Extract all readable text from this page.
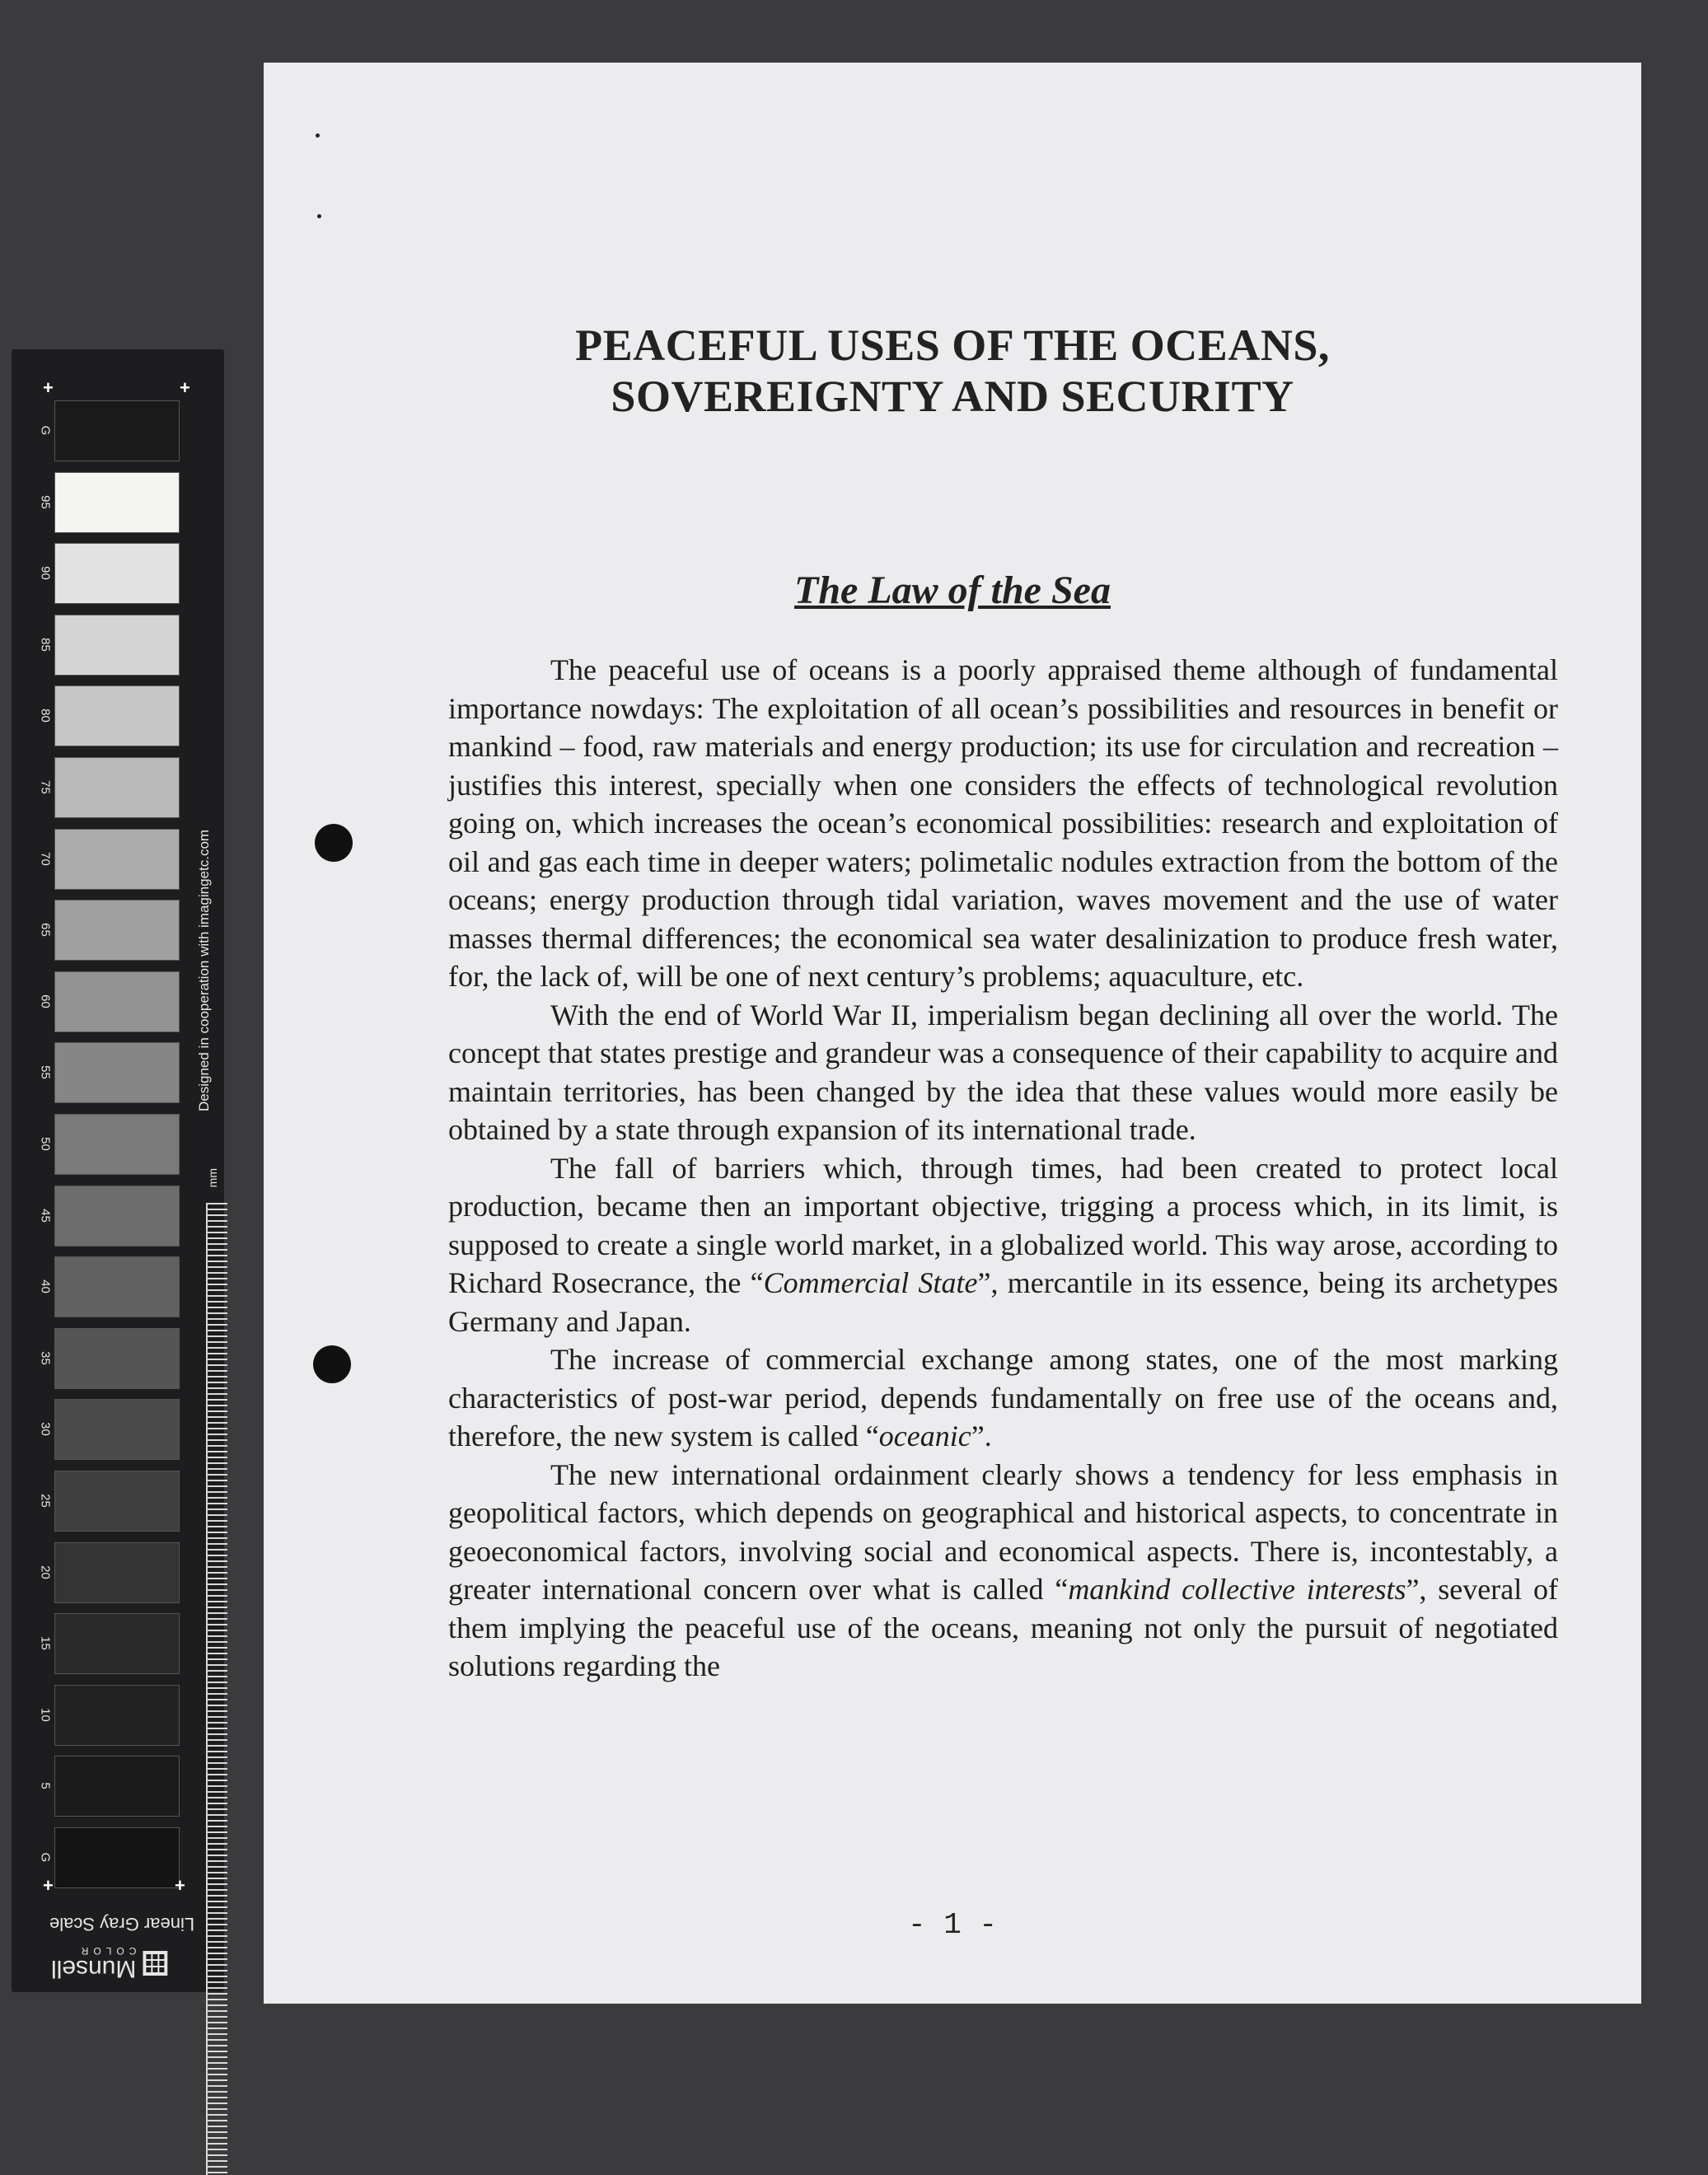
+	+
G
95
90
85
80
75
70
65
60
55
50
45
40
35
30
25
20
15
10
5
G
Designed in cooperation with imagingetc.com
mm
+	+
Linear Gray Scale
Munsell
COLOR
PEACEFUL USES OF THE OCEANS,
SOVEREIGNTY AND SECURITY
The Law of the Sea

The peaceful use of oceans is a poorly appraised theme although of fundamental importance nowdays: The exploitation of all ocean’s possibilities and resources in benefit or mankind – food, raw materials and energy production; its use for circulation and recreation – justifies this interest, specially when one considers the effects of technological revolution going on, which increases the ocean’s economical possibilities: research and exploitation of oil and gas each time in deeper waters; polimetalic nodules extraction from the bottom of the oceans; energy production through tidal variation, waves movement and the use of water masses thermal differences; the economical sea water desalinization to produce fresh water, for, the lack of, will be one of next century’s problems; aquaculture, etc.

With the end of World War II, imperialism began declining all over the world. The concept that states prestige and grandeur was a consequence of their capability to acquire and maintain territories, has been changed by the idea that these values would more easily be obtained by a state through expansion of its international trade.

The fall of barriers which, through times, had been created to protect local production, became then an important objective, trigging a process which, in its limit, is supposed to create a single world market, in a globalized world. This way arose, according to Richard Rosecrance, the “Commercial State”, mercantile in its essence, being its archetypes Germany and Japan.

The increase of commercial exchange among states, one of the most marking characteristics of post-war period, depends fundamentally on free use of the oceans and, therefore, the new system is called “oceanic”.

The new international ordainment clearly shows a tendency for less emphasis in geopolitical factors, which depends on geographical and historical aspects, to concentrate in geoeconomical factors, involving social and economical aspects. There is, incontestably, a greater international concern over what is called “mankind collective interests”, several of them implying the peaceful use of the oceans, meaning not only the pursuit of negotiated solutions regarding the

- 1 -
